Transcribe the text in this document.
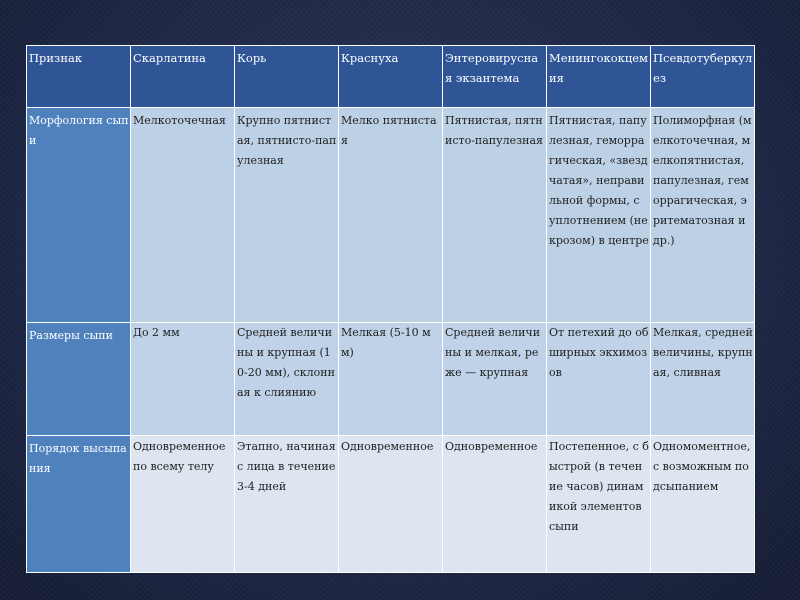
Признак	Скарлатина	Корь	Краснуха	Энтеровирусная экзантема	Менингококцемия	Псевдотуберкулез
Морфология сыпи	Мелкоточечная	Крупно пятнистая, пятнисто-папулезная	Мелко пятнистая	Пятнистая, пятнисто-папулезная	Пятнистая, папулезная, геморрагическая, «звездчатая», неправильной формы, с уплотнением (некрозом) в центре	Полиморфная (мелкоточечная, мелкопятнистая, папулезная, геморрагическая, эритематозная и др.)
Размеры сыпи	До 2 мм	Средней величины и крупная (10-20 мм), склонная к слиянию	Мелкая (5-10 мм)	Средней величины и мелкая, реже — крупная	От петехий до обширных экхимозов	Мелкая, средней величины, крупная, сливная
Порядок высыпания	Одновременное по всему телу	Этапно, начиная с лица в течение 3-4 дней	Одновременное	Одновременное	Постепенное, с быстрой (в течение часов) динамикой элементов сыпи	Одномоментное, с возможным подсыпанием
